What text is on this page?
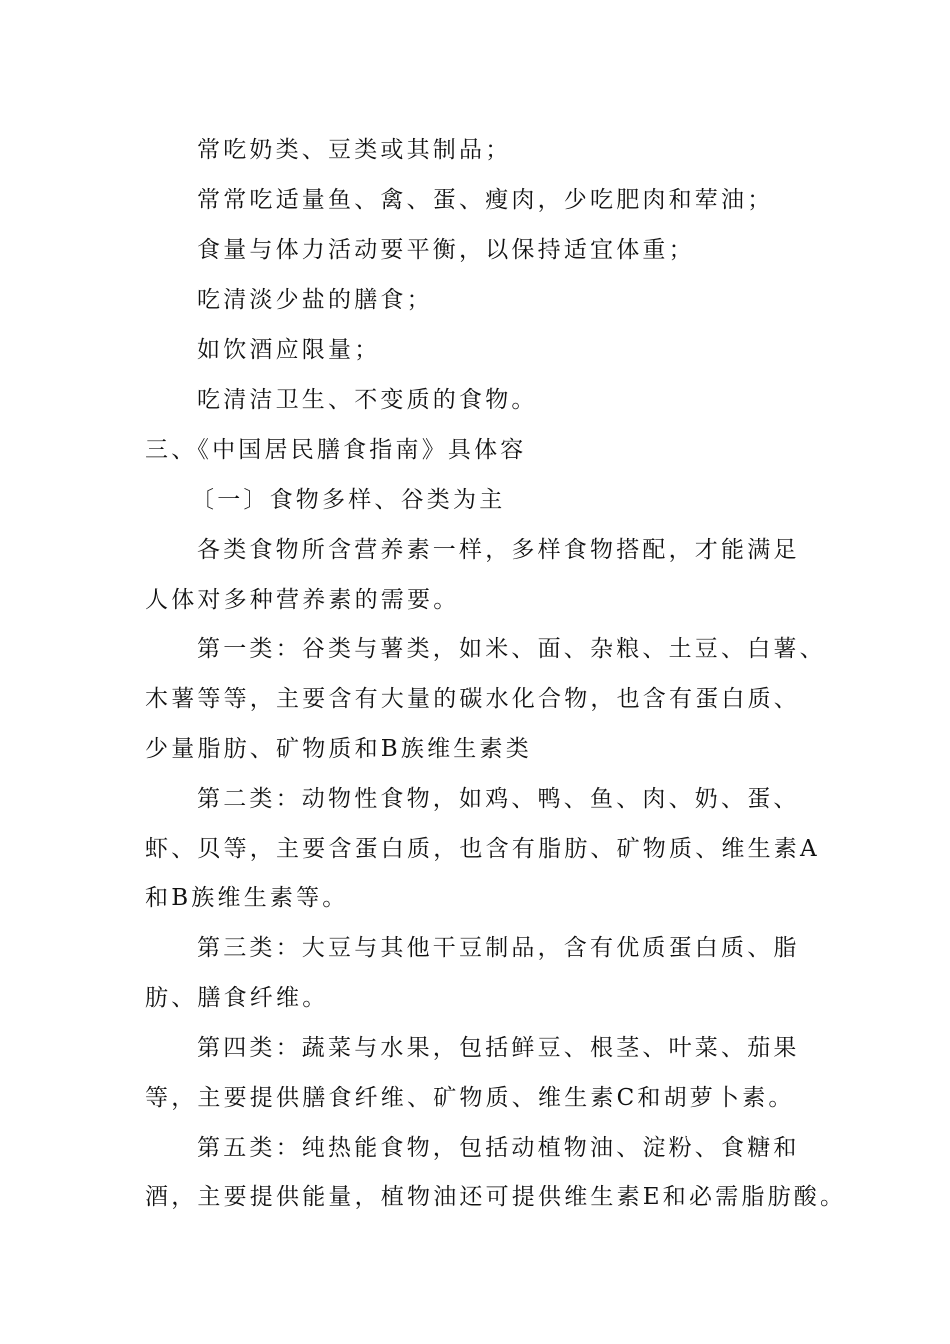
常吃奶类、豆类或其制品；
常常吃适量鱼、禽、蛋、瘦肉，少吃肥肉和荤油；
食量与体力活动要平衡，以保持适宜体重；
吃清淡少盐的膳食；
如饮酒应限量；
吃清洁卫生、不变质的食物。
三、《中国居民膳食指南》具体容
〔一〕食物多样、谷类为主
各类食物所含营养素一样，多样食物搭配，才能满足
人体对多种营养素的需要。
第一类：谷类与薯类，如米、面、杂粮、土豆、白薯、
木薯等等，主要含有大量的碳水化合物，也含有蛋白质、
少量脂肪、矿物质和B族维生素类
第二类：动物性食物，如鸡、鸭、鱼、肉、奶、蛋、
虾、贝等，主要含蛋白质，也含有脂肪、矿物质、维生素A
和B族维生素等。
第三类：大豆与其他干豆制品，含有优质蛋白质、脂
肪、膳食纤维。
第四类：蔬菜与水果，包括鲜豆、根茎、叶菜、茄果
等，主要提供膳食纤维、矿物质、维生素C和胡萝卜素。
第五类：纯热能食物，包括动植物油、淀粉、食糖和
酒，主要提供能量，植物油还可提供维生素E和必需脂肪酸。
